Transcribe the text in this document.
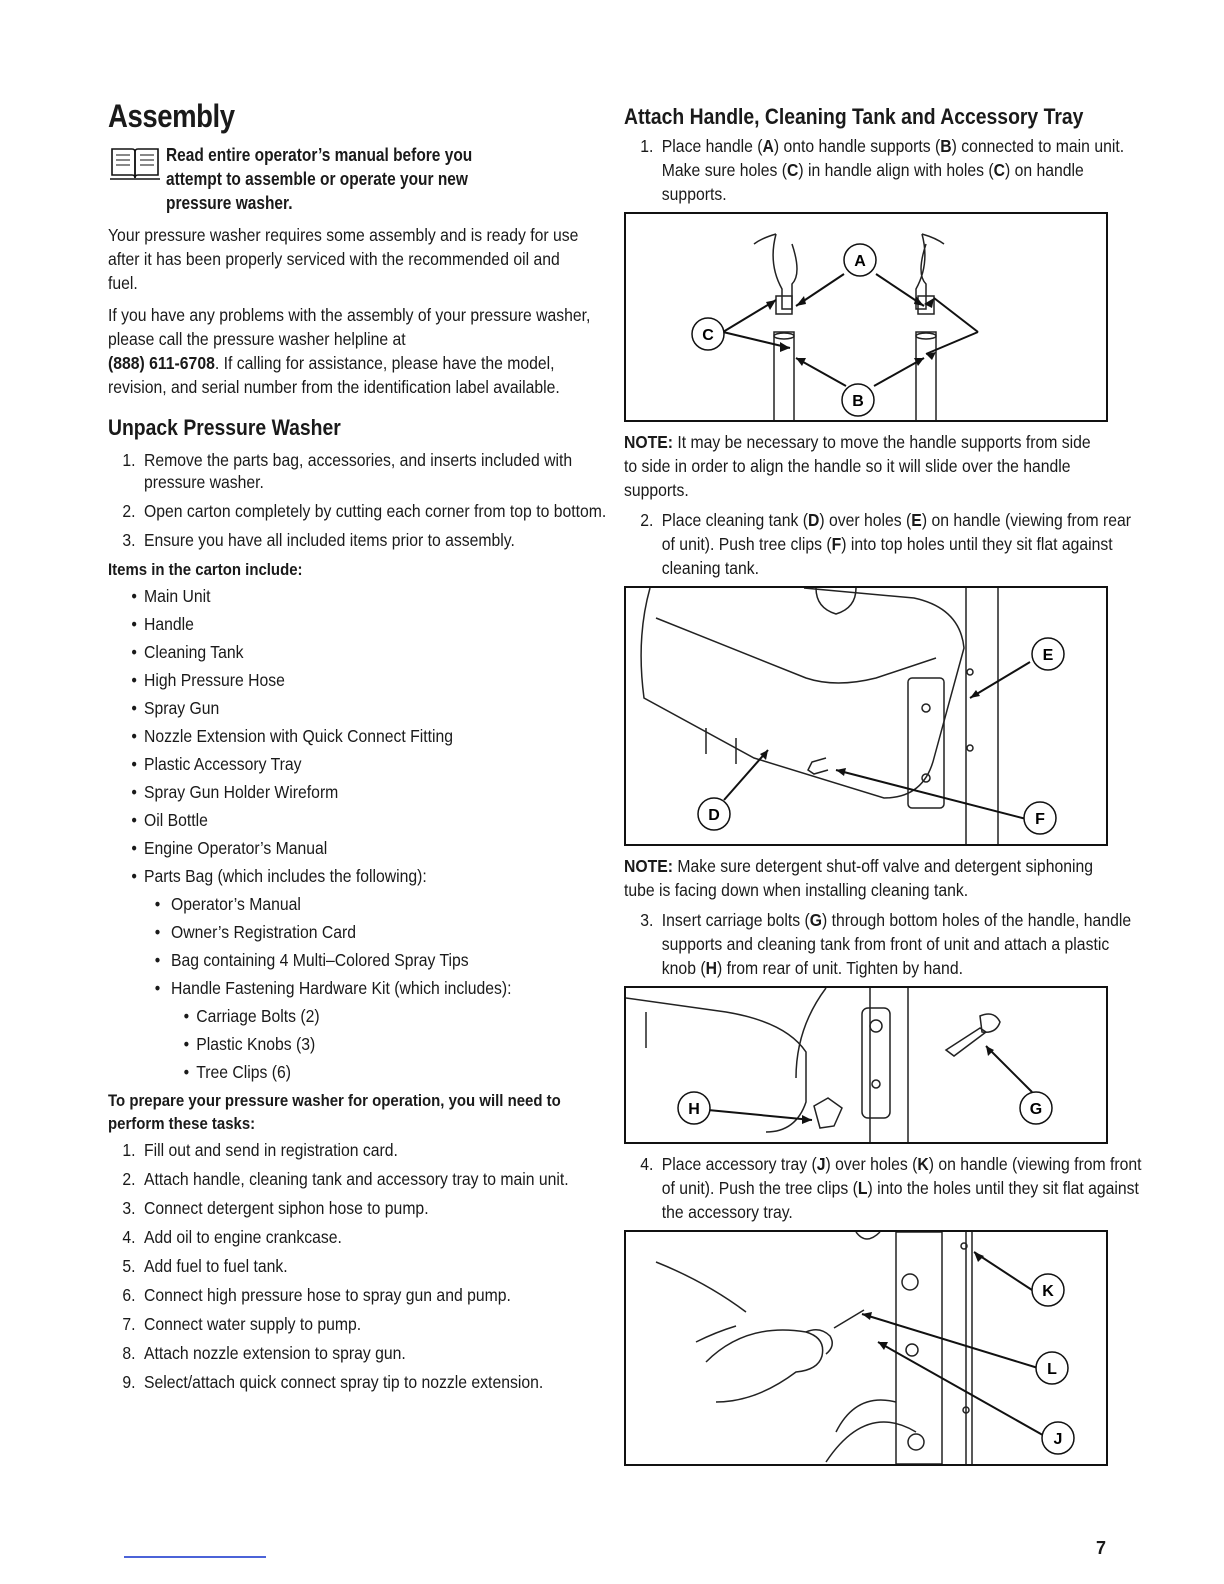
Assembly
Read entire operator’s manual before you attempt to assemble or operate your new pressure washer.
Your pressure washer requires some assembly and is ready for use after it has been properly serviced with the recommended oil and fuel.
If you have any problems with the assembly of your pressure washer, please call the pressure washer helpline at
(888) 611-6708. If calling for assistance, please have the model, revision, and serial number from the identification label available.
Unpack Pressure Washer
1. Remove the parts bag, accessories, and inserts included with pressure washer.
2. Open carton completely by cutting each corner from top to bottom.
3. Ensure you have all included items prior to assembly.
Items in the carton include:
• Main Unit
• Handle
• Cleaning Tank
• High Pressure Hose
• Spray Gun
• Nozzle Extension with Quick Connect Fitting
• Plastic Accessory Tray
• Spray Gun Holder Wireform
• Oil Bottle
• Engine Operator’s Manual
• Parts Bag (which includes the following):
• Operator’s Manual
• Owner’s Registration Card
• Bag containing 4 Multi–Colored Spray Tips
• Handle Fastening Hardware Kit (which includes):
• Carriage Bolts (2)
• Plastic Knobs (3)
• Tree Clips (6)
To prepare your pressure washer for operation, you will need to perform these tasks:
1. Fill out and send in registration card.
2. Attach handle, cleaning tank and accessory tray to main unit.
3. Connect detergent siphon hose to pump.
4. Add oil to engine crankcase.
5. Add fuel to fuel tank.
6. Connect high pressure hose to spray gun and pump.
7. Connect water supply to pump.
8. Attach nozzle extension to spray gun.
9. Select/attach quick connect spray tip to nozzle extension.
Attach Handle, Cleaning Tank and Accessory Tray
1. Place handle (A) onto handle supports (B) connected to main unit. Make sure holes (C) in handle align with holes (C) on handle supports.
A
B
C
NOTE: It may be necessary to move the handle supports from side to side in order to align the handle so it will slide over the handle supports.
2. Place cleaning tank (D) over holes (E) on handle (viewing from rear of unit). Push tree clips (F) into top holes until they sit flat against cleaning tank.
D
E
F
NOTE: Make sure detergent shut-off valve and detergent siphoning tube is facing down when installing cleaning tank.
3. Insert carriage bolts (G) through bottom holes of the handle, handle supports and cleaning tank from front of unit and attach a plastic knob (H) from rear of unit. Tighten by hand.
H	G
4. Place accessory tray (J) over holes (K) on handle (viewing from front of unit). Push the tree clips (L) into the holes until they sit flat against the accessory tray.
K
L
J
7
